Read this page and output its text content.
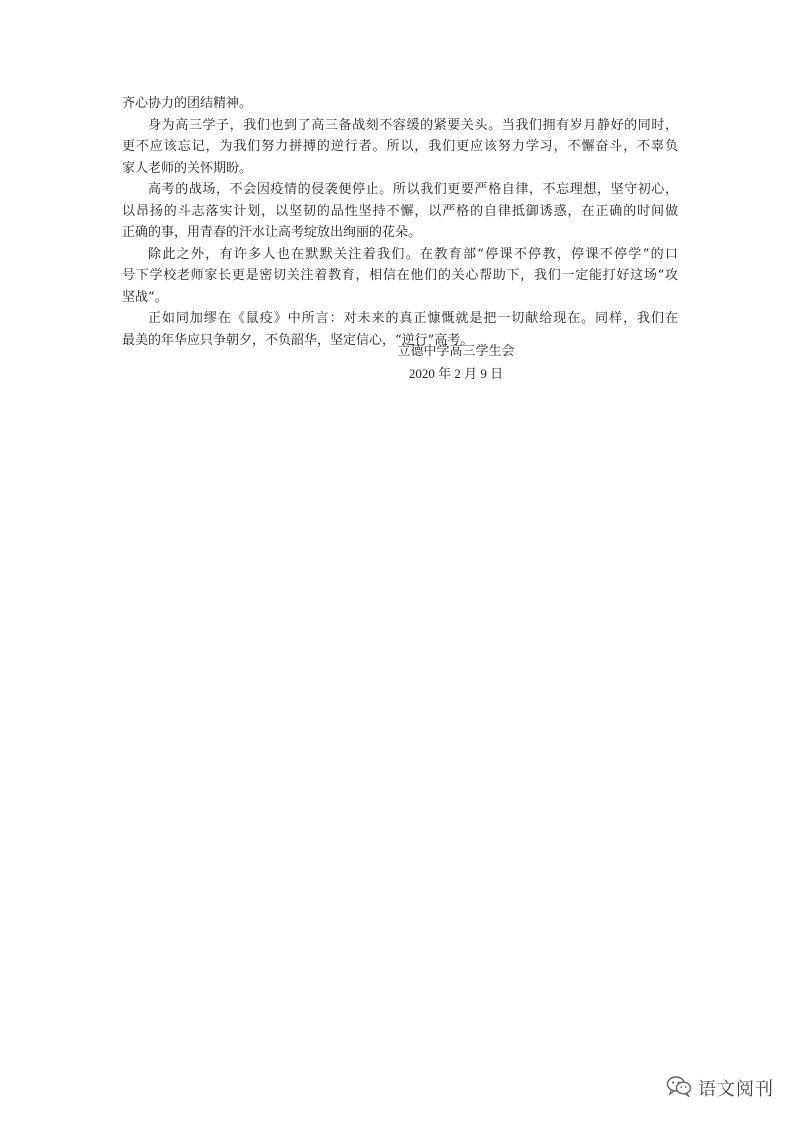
齐心协力的团结精神。
身为高三学子，我们也到了高三备战刻不容缓的紧要关头。当我们拥有岁月静好的同时，
更不应该忘记，为我们努力拼搏的逆行者。所以，我们更应该努力学习，不懈奋斗，不辜负
家人老师的关怀期盼。
高考的战场，不会因疫情的侵袭便停止。所以我们更要严格自律，不忘理想，坚守初心，
以昂扬的斗志落实计划，以坚韧的品性坚持不懈，以严格的自律抵御诱惑，在正确的时间做
正确的事，用青春的汗水让高考绽放出绚丽的花朵。
除此之外，有许多人也在默默关注着我们。在教育部“停课不停教，停课不停学”的口
号下学校老师家长更是密切关注着教育，相信在他们的关心帮助下，我们一定能打好这场“攻
坚战”。
正如同加缪在《鼠疫》中所言：对未来的真正慷慨就是把一切献给现在。同样，我们在
最美的年华应只争朝夕，不负韶华，坚定信心，“逆行”高考。
立德中学高三学生会
2020 年 2 月 9 日
语文阅刊
